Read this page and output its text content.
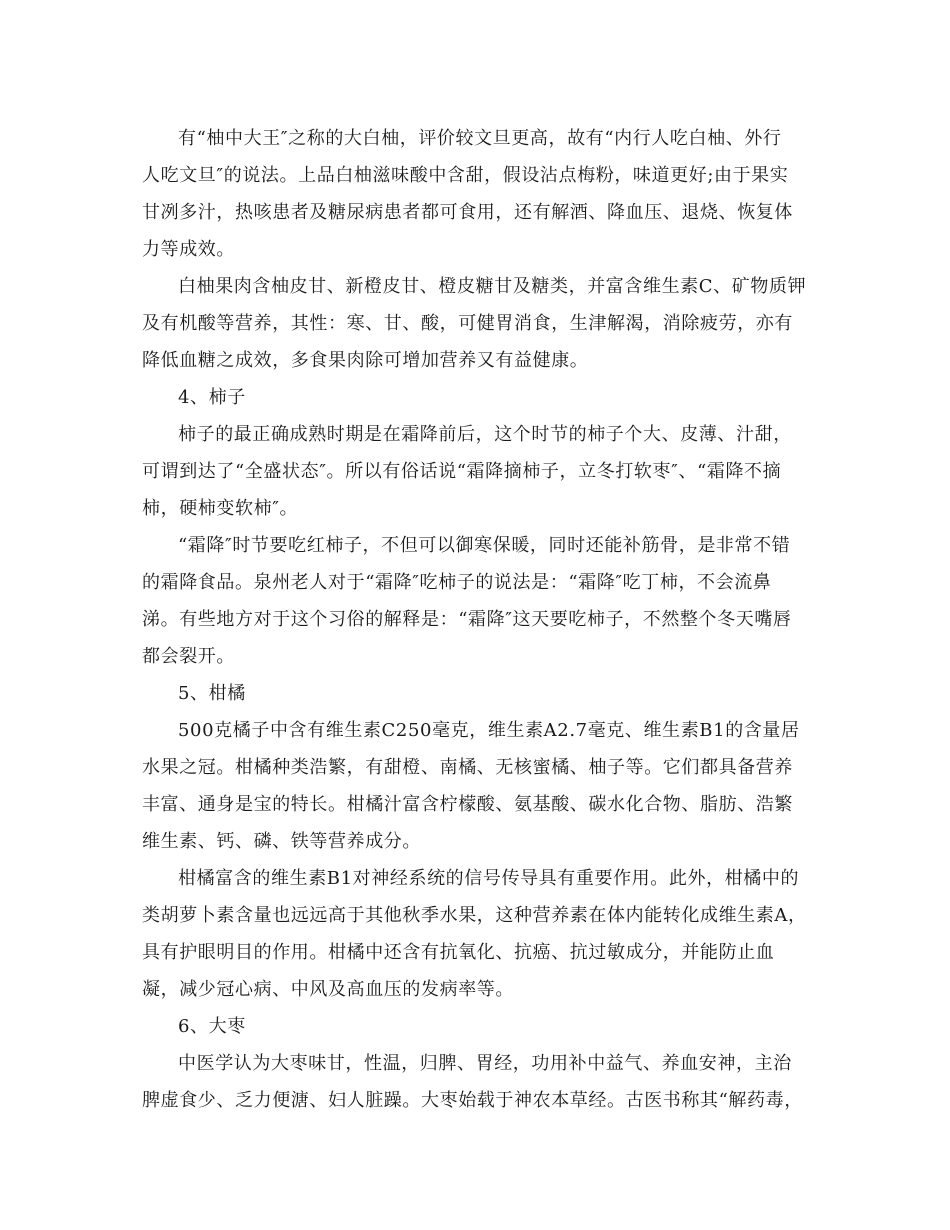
有“柚中大王″之称的大白柚，评价较文旦更高，故有“内行人吃白柚、外行
人吃文旦″的说法。上品白柚滋味酸中含甜，假设沾点梅粉，味道更好;由于果实
甘冽多汁，热咳患者及糖尿病患者都可食用，还有解酒、降血压、退烧、恢复体
力等成效。
白柚果肉含柚皮甘、新橙皮甘、橙皮糖甘及糖类，并富含维生素C、矿物质钾
及有机酸等营养，其性：寒、甘、酸，可健胃消食，生津解渴，消除疲劳，亦有
降低血糖之成效，多食果肉除可增加营养又有益健康。
4、柿子
柿子的最正确成熟时期是在霜降前后，这个时节的柿子个大、皮薄、汁甜，
可谓到达了“全盛状态″。所以有俗话说“霜降摘柿子，立冬打软枣″、“霜降不摘
柿，硬柿变软柿″。
“霜降″时节要吃红柿子，不但可以御寒保暖，同时还能补筋骨，是非常不错
的霜降食品。泉州老人对于“霜降″吃柿子的说法是：“霜降″吃丁柿，不会流鼻
涕。有些地方对于这个习俗的解释是：“霜降″这天要吃柿子，不然整个冬天嘴唇
都会裂开。
5、柑橘
500克橘子中含有维生素C250毫克，维生素A2.7毫克、维生素B1的含量居
水果之冠。柑橘种类浩繁，有甜橙、南橘、无核蜜橘、柚子等。它们都具备营养
丰富、通身是宝的特长。柑橘汁富含柠檬酸、氨基酸、碳水化合物、脂肪、浩繁
维生素、钙、磷、铁等营养成分。
柑橘富含的维生素B1对神经系统的信号传导具有重要作用。此外，柑橘中的
类胡萝卜素含量也远远高于其他秋季水果，这种营养素在体内能转化成维生素A，
具有护眼明目的作用。柑橘中还含有抗氧化、抗癌、抗过敏成分，并能防止血
凝，减少冠心病、中风及高血压的发病率等。
6、大枣
中医学认为大枣味甘，性温，归脾、胃经，功用补中益气、养血安神，主治
脾虚食少、乏力便溏、妇人脏躁。大枣始载于神农本草经。古医书称其“解药毒，
